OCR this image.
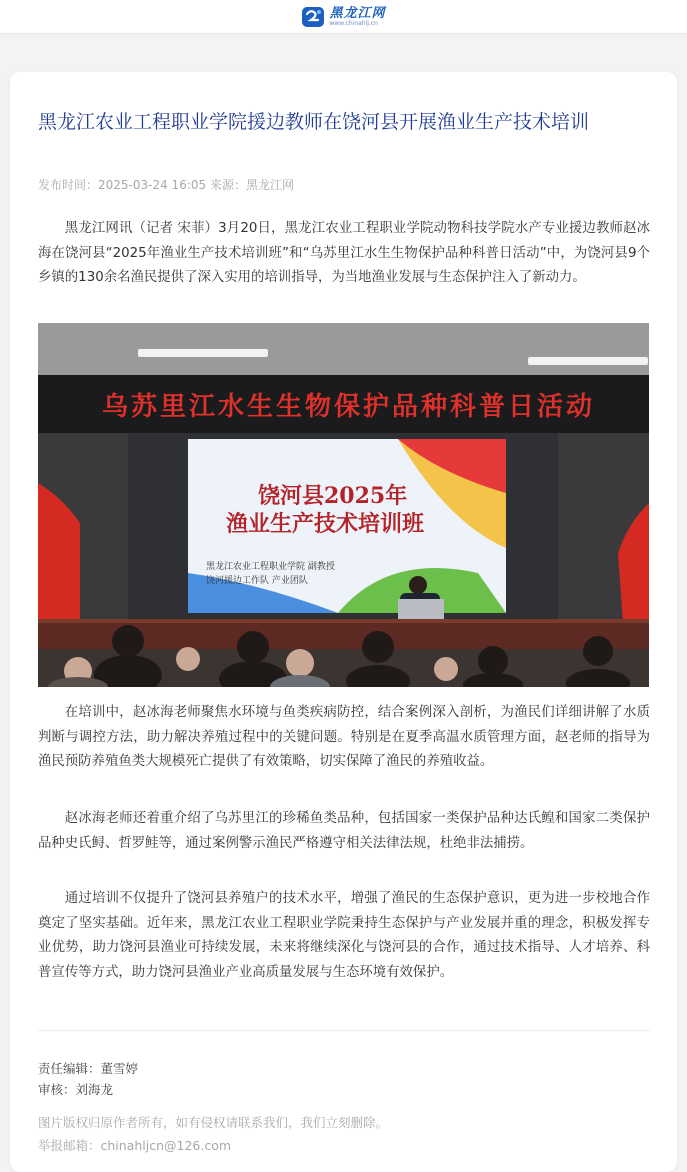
黑龙江网
www.chinahlj.cn
黑龙江农业工程职业学院援边教师在饶河县开展渔业生产技术培训
发布时间：2025-03-24 16:05 来源：黑龙江网

黑龙江网讯（记者 宋菲）3月20日，黑龙江农业工程职业学院动物科技学院水产专业援边教师赵冰海在饶河县“2025年渔业生产技术培训班”和“乌苏里江水生生物保护品种科普日活动”中，为饶河县9个乡镇的130余名渔民提供了深入实用的培训指导，为当地渔业发展与生态保护注入了新动力。

乌苏里江水生生物保护品种科普日活动
饶河县2025年
渔业生产技术培训班
黑龙江农业工程职业学院 副教授
饶河援边工作队 产业团队

在培训中，赵冰海老师聚焦水环境与鱼类疾病防控，结合案例深入剖析，为渔民们详细讲解了水质判断与调控方法，助力解决养殖过程中的关键问题。特别是在夏季高温水质管理方面，赵老师的指导为渔民预防养殖鱼类大规模死亡提供了有效策略，切实保障了渔民的养殖收益。

赵冰海老师还着重介绍了乌苏里江的珍稀鱼类品种，包括国家一类保护品种达氏鳇和国家二类保护品种史氏鲟、哲罗鲑等，通过案例警示渔民严格遵守相关法律法规，杜绝非法捕捞。

通过培训不仅提升了饶河县养殖户的技术水平，增强了渔民的生态保护意识，更为进一步校地合作奠定了坚实基础。近年来，黑龙江农业工程职业学院秉持生态保护与产业发展并重的理念，积极发挥专业优势，助力饶河县渔业可持续发展，未来将继续深化与饶河县的合作，通过技术指导、人才培养、科普宣传等方式，助力饶河县渔业产业高质量发展与生态环境有效保护。

责任编辑：董雪婷
审核：刘海龙
图片版权归原作者所有，如有侵权请联系我们，我们立刻删除。
举报邮箱：chinahljcn@126.com
